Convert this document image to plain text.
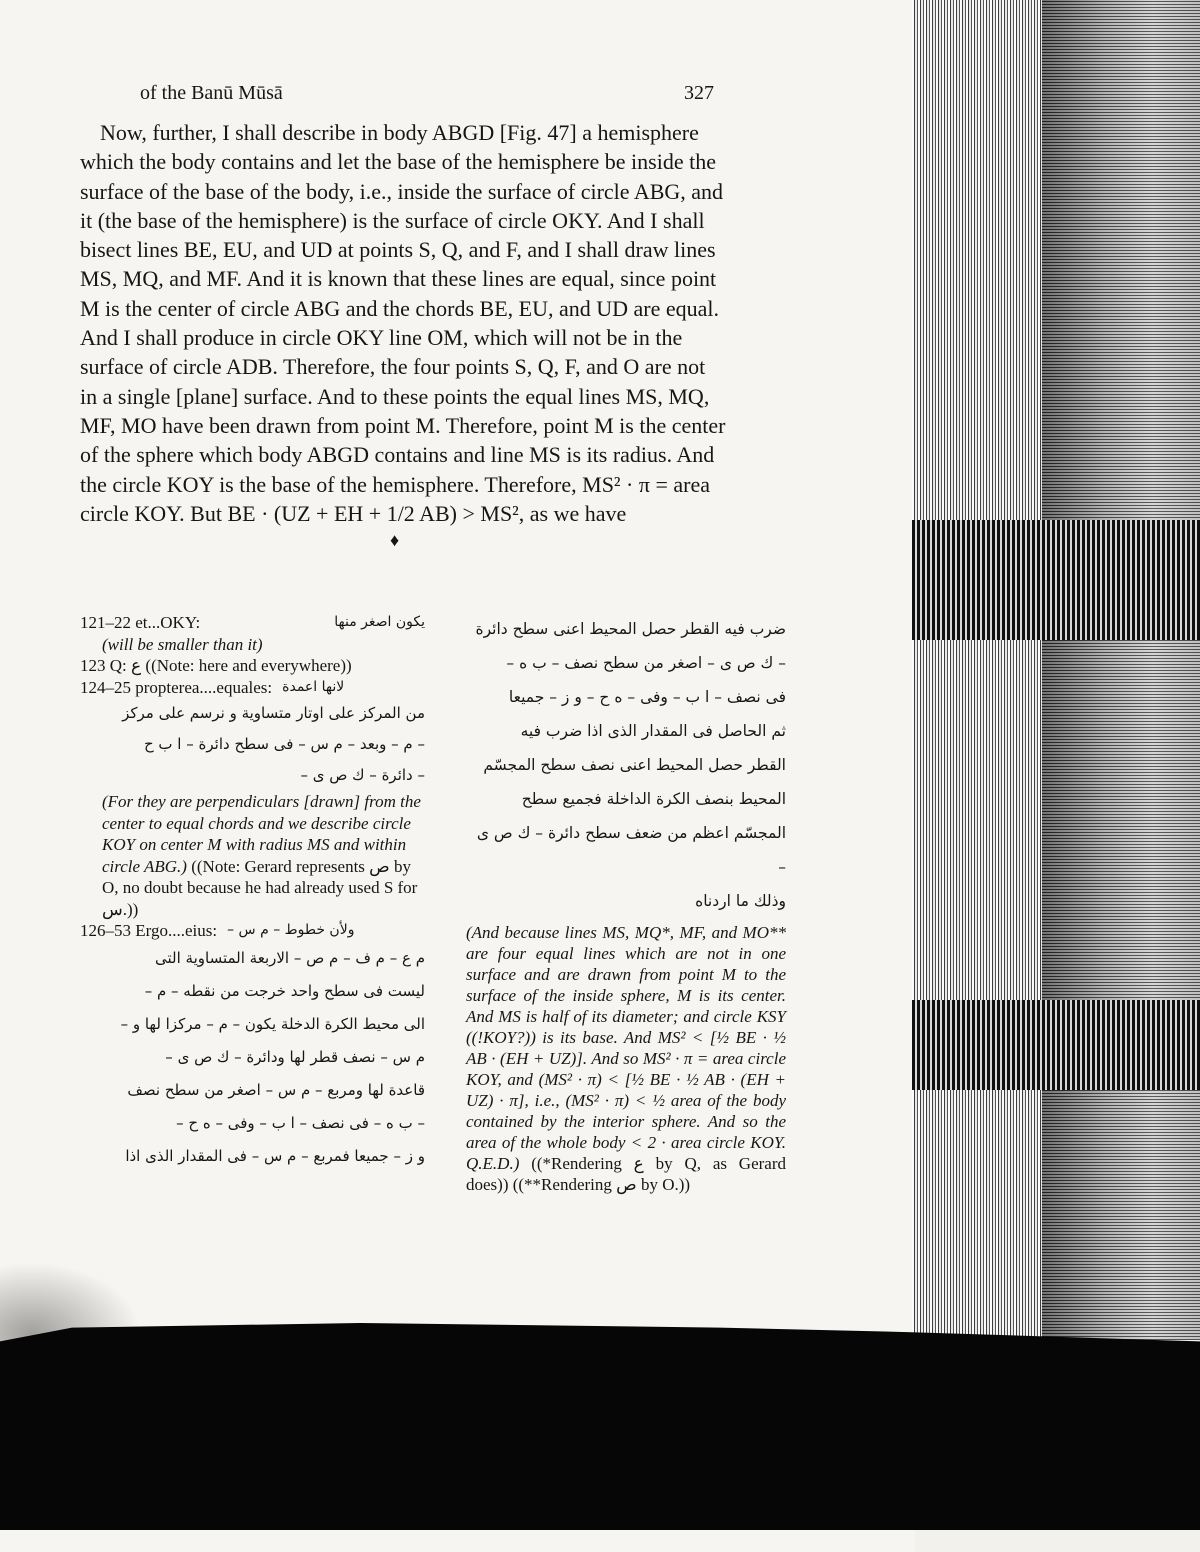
of the Banū Mūsā	327
Now, further, I shall describe in body ABGD [Fig. 47] a hemisphere
which the body contains and let the base of the hemisphere be inside the
surface of the base of the body, i.e., inside the surface of circle ABG, and
it (the base of the hemisphere) is the surface of circle OKY. And I shall
bisect lines BE, EU, and UD at points S, Q, and F, and I shall draw lines
MS, MQ, and MF. And it is known that these lines are equal, since point
M is the center of circle ABG and the chords BE, EU, and UD are equal.
And I shall produce in circle OKY line OM, which will not be in the
surface of circle ADB. Therefore, the four points S, Q, F, and O are not
in a single [plane] surface. And to these points the equal lines MS, MQ,
MF, MO have been drawn from point M. Therefore, point M is the center
of the sphere which body ABGD contains and line MS is its radius. And
the circle KOY is the base of the hemisphere. Therefore, MS² · π = area
circle KOY. But BE · (UZ + EH + 1/2 AB) > MS², as we have
♦
121–22 et...OKY:	يكون اصغر منها
(will be smaller than it)
123 Q: ع ((Note: here and everywhere))
124–25 propterea....equales: لانها اعمدة
من المركز على اوتار متساوية و نرسم على مركز
– م – وبعد – م س – فى سطح دائرة – ا ب ح
– دائرة – ك ص ى –
(For they are perpendiculars [drawn] from the center to equal chords and we describe circle KOY on center M with radius MS and within circle ABG.) ((Note: Gerard represents ص by O, no doubt because he had already used S for س.))
126–53 Ergo....eius: ولأن خطوط – م س –
م ع – م ف – م ص – الاربعة المتساوية التى
ليست فى سطح واحد خرجت من نقطه – م –
الى محيط الكرة الدخلة يكون – م – مركزا لها و –
م س – نصف قطر لها ودائرة – ك ص ى –
قاعدة لها ومربع – م س – اصغر من سطح نصف
– ب ه – فى نصف – ا ب – وفى – ه ح –
و ز – جميعا فمربع – م س – فى المقدار الذى اذا
ضرب فيه القطر حصل المحيط اعنى سطح دائرة
– ك ص ى – اصغر من سطح نصف – ب ه –
فى نصف – ا ب – وفى – ه ح – و ز – جميعا
ثم الحاصل فى المقدار الذى اذا ضرب فيه
القطر حصل المحيط اعنى نصف سطح المجسّم
المحيط بنصف الكرة الداخلة فجميع سطح
المجسّم اعظم من ضعف سطح دائرة – ك ص ى –
وذلك ما اردناه
(And because lines MS, MQ*, MF, and MO** are four equal lines which are not in one surface and are drawn from point M to the surface of the inside sphere, M is its center. And MS is half of its diameter; and circle KSY ((!KOY?)) is its base. And MS² < [½ BE · ½ AB · (EH + UZ)]. And so MS² · π = area circle KOY, and (MS² · π) < [½ BE · ½ AB · (EH + UZ) · π], i.e., (MS² · π) < ½ area of the body contained by the interior sphere. And so the area of the whole body < 2 · area circle KOY. Q.E.D.) ((*Rendering ع by Q, as Gerard does)) ((**Rendering ص by O.))
